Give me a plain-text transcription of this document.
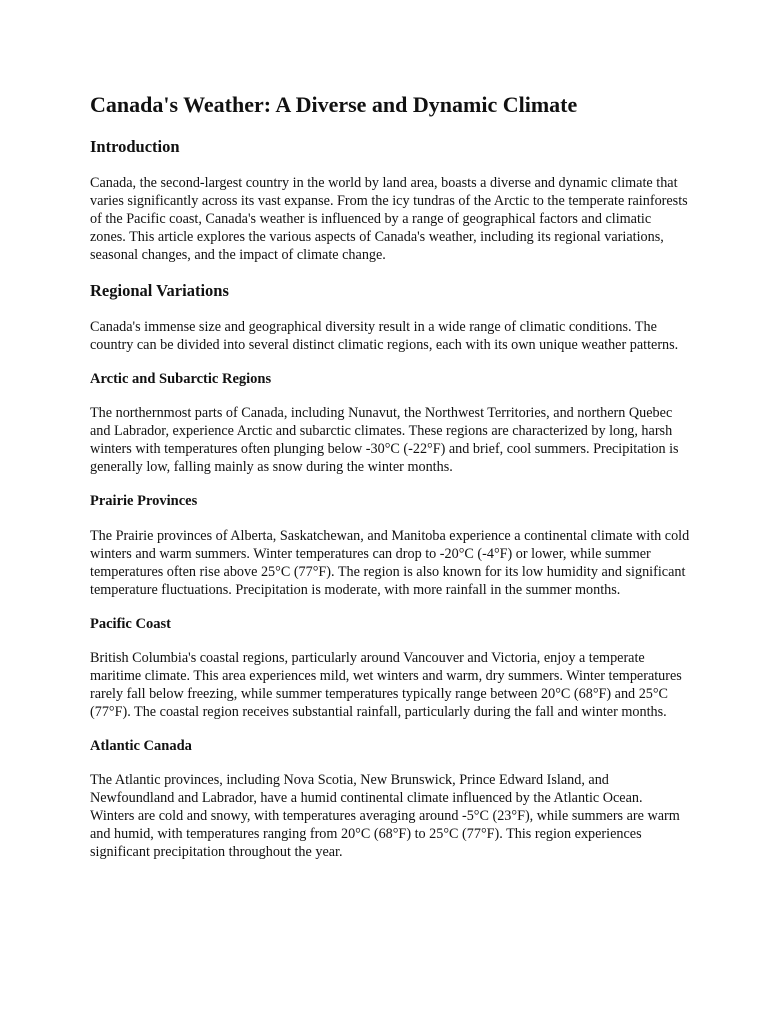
Canada's Weather: A Diverse and Dynamic Climate
Introduction

Canada, the second-largest country in the world by land area, boasts a diverse and dynamic climate that varies significantly across its vast expanse. From the icy tundras of the Arctic to the temperate rainforests of the Pacific coast, Canada's weather is influenced by a range of geographical factors and climatic zones. This article explores the various aspects of Canada's weather, including its regional variations, seasonal changes, and the impact of climate change.

Regional Variations

Canada's immense size and geographical diversity result in a wide range of climatic conditions. The country can be divided into several distinct climatic regions, each with its own unique weather patterns.

Arctic and Subarctic Regions

The northernmost parts of Canada, including Nunavut, the Northwest Territories, and northern Quebec and Labrador, experience Arctic and subarctic climates. These regions are characterized by long, harsh winters with temperatures often plunging below -30°C (-22°F) and brief, cool summers. Precipitation is generally low, falling mainly as snow during the winter months.

Prairie Provinces

The Prairie provinces of Alberta, Saskatchewan, and Manitoba experience a continental climate with cold winters and warm summers. Winter temperatures can drop to -20°C (-4°F) or lower, while summer temperatures often rise above 25°C (77°F). The region is also known for its low humidity and significant temperature fluctuations. Precipitation is moderate, with more rainfall in the summer months.

Pacific Coast

British Columbia's coastal regions, particularly around Vancouver and Victoria, enjoy a temperate maritime climate. This area experiences mild, wet winters and warm, dry summers. Winter temperatures rarely fall below freezing, while summer temperatures typically range between 20°C (68°F) and 25°C (77°F). The coastal region receives substantial rainfall, particularly during the fall and winter months.

Atlantic Canada

The Atlantic provinces, including Nova Scotia, New Brunswick, Prince Edward Island, and Newfoundland and Labrador, have a humid continental climate influenced by the Atlantic Ocean. Winters are cold and snowy, with temperatures averaging around -5°C (23°F), while summers are warm and humid, with temperatures ranging from 20°C (68°F) to 25°C (77°F). This region experiences significant precipitation throughout the year.
